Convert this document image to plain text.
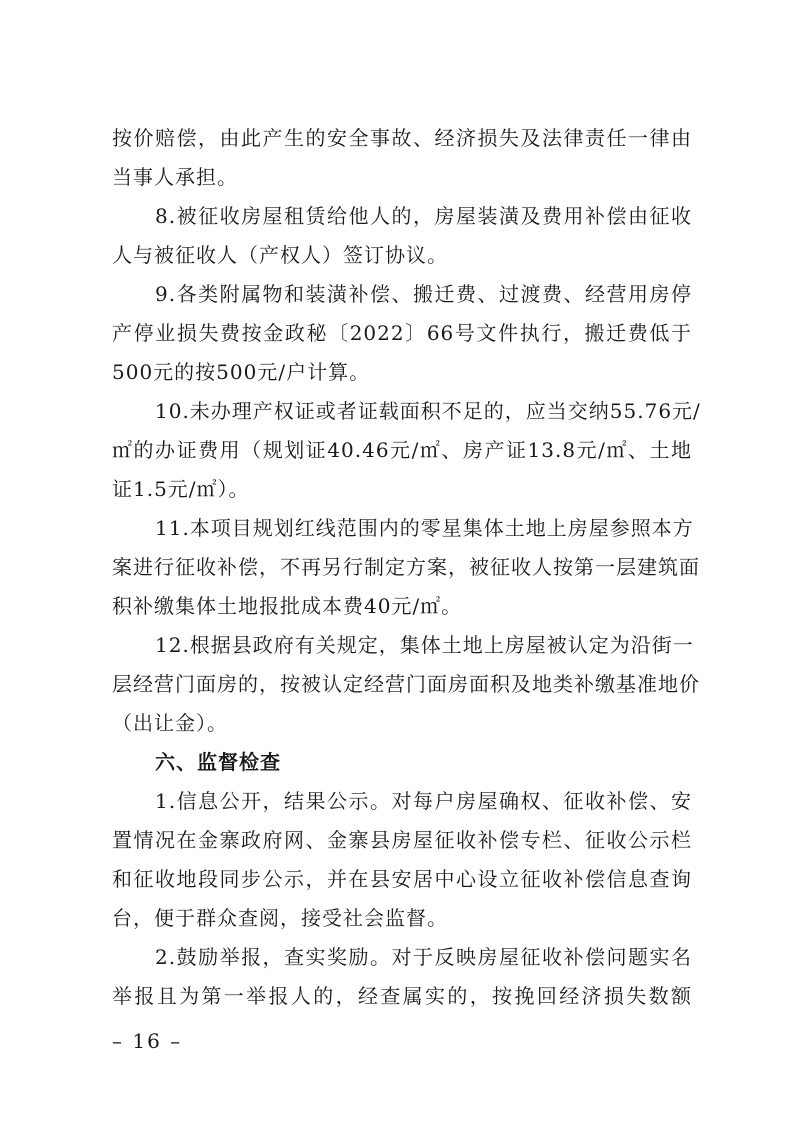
按价赔偿，由此产生的安全事故、经济损失及法律责任一律由
当事人承担。
8.被征收房屋租赁给他人的，房屋装潢及费用补偿由征收
人与被征收人（产权人）签订协议。
9.各类附属物和装潢补偿、搬迁费、过渡费、经营用房停
产停业损失费按金政秘〔2022〕66号文件执行，搬迁费低于
500元的按500元/户计算。
10.未办理产权证或者证载面积不足的，应当交纳55.76元/
㎡的办证费用（规划证40.46元/㎡、房产证13.8元/㎡、土地
证1.5元/㎡）。
11.本项目规划红线范围内的零星集体土地上房屋参照本方
案进行征收补偿，不再另行制定方案，被征收人按第一层建筑面
积补缴集体土地报批成本费40元/㎡。
12.根据县政府有关规定，集体土地上房屋被认定为沿街一
层经营门面房的，按被认定经营门面房面积及地类补缴基准地价
（出让金）。
六、监督检查
1.信息公开，结果公示。对每户房屋确权、征收补偿、安
置情况在金寨政府网、金寨县房屋征收补偿专栏、征收公示栏
和征收地段同步公示，并在县安居中心设立征收补偿信息查询
台，便于群众查阅，接受社会监督。
2.鼓励举报，查实奖励。对于反映房屋征收补偿问题实名
举报且为第一举报人的，经查属实的，按挽回经济损失数额
– 16 –
